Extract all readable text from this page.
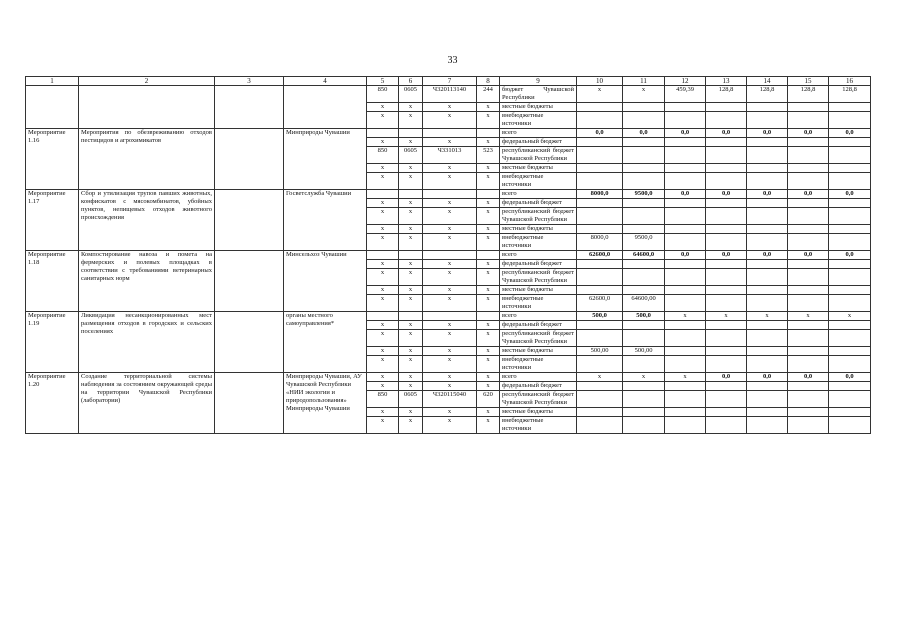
33
1	2	3	4	5	6	7	8	9	10	11	12	13	14	15	16
				850	0605	Ч320113140	244	бюджет Чувашской Республики	x	x	459,39	128,8	128,8	128,8	128,8
				x	x	x	x	местные бюджеты							
				x	x	x	x	внебюджетные источники							
Мероприятие 1.16	Мероприятия по обезвреживанию отходов пестицидов и агрохимикатов		Минприроды Чувашии					всего	0,0	0,0	0,0	0,0	0,0	0,0	0,0
				x	x	x	x	федеральный бюджет							
				850	0605	Ч331013	523	республиканский бюджет Чувашской Республики							
				x	x	x	x	местные бюджеты							
				x	x	x	x	внебюджетные источники							
Мероприятие 1.17	Сбор и утилизация трупов павших животных, конфискатов с мясокомбинатов, убойных пунктов, непищевых отходов животного происхождения		Госветслужба Чувашии					всего	8000,0	9500,0	0,0	0,0	0,0	0,0	0,0
				x	x	x	x	федеральный бюджет							
				x	x	x	x	республиканский бюджет Чувашской Республики							
				x	x	x	x	местные бюджеты							
				x	x	x	x	внебюджетные источники	8000,0	9500,0					
Мероприятие 1.18	Компостирование навоза и помета на фермерских и полевых площадках в соответствии с требованиями ветеринарных санитарных норм		Минсельхоз Чувашии					всего	62600,0	64600,0	0,0	0,0	0,0	0,0	0,0
				x	x	x	x	федеральный бюджет							
				x	x	x	x	республиканский бюджет Чувашской Республики							
				x	x	x	x	местные бюджеты							
				x	x	x	x	внебюджетные источники	62600,0	64600,00					
Мероприятие 1.19	Ликвидация несанкционированных мест размещения отходов в городских и сельских поселениях		органы местного самоуправления*					всего	500,0	500,0	x	x	x	x	x
				x	x	x	x	федеральный бюджет							
				x	x	x	x	республиканский бюджет Чувашской Республики							
				x	x	x	x	местные бюджеты	500,00	500,00					
				x	x	x	x	внебюджетные источники							
Мероприятие 1.20	Создание территориальной системы наблюдения за состоянием окружающей среды на территории Чувашской Республики (лаборатории)		Минприроды Чувашии, АУ Чувашской Республики «НИИ экологии и природопользования» Минприроды Чувашии	x	x	x	x	всего	x	x	x	0,0	0,0	0,0	0,0
				x	x	x	x	федеральный бюджет							
				850	0605	Ч320115040	620	республиканский бюджет Чувашской Республики							
				x	x	x	x	местные бюджеты							
				x	x	x	x	внебюджетные источники							
